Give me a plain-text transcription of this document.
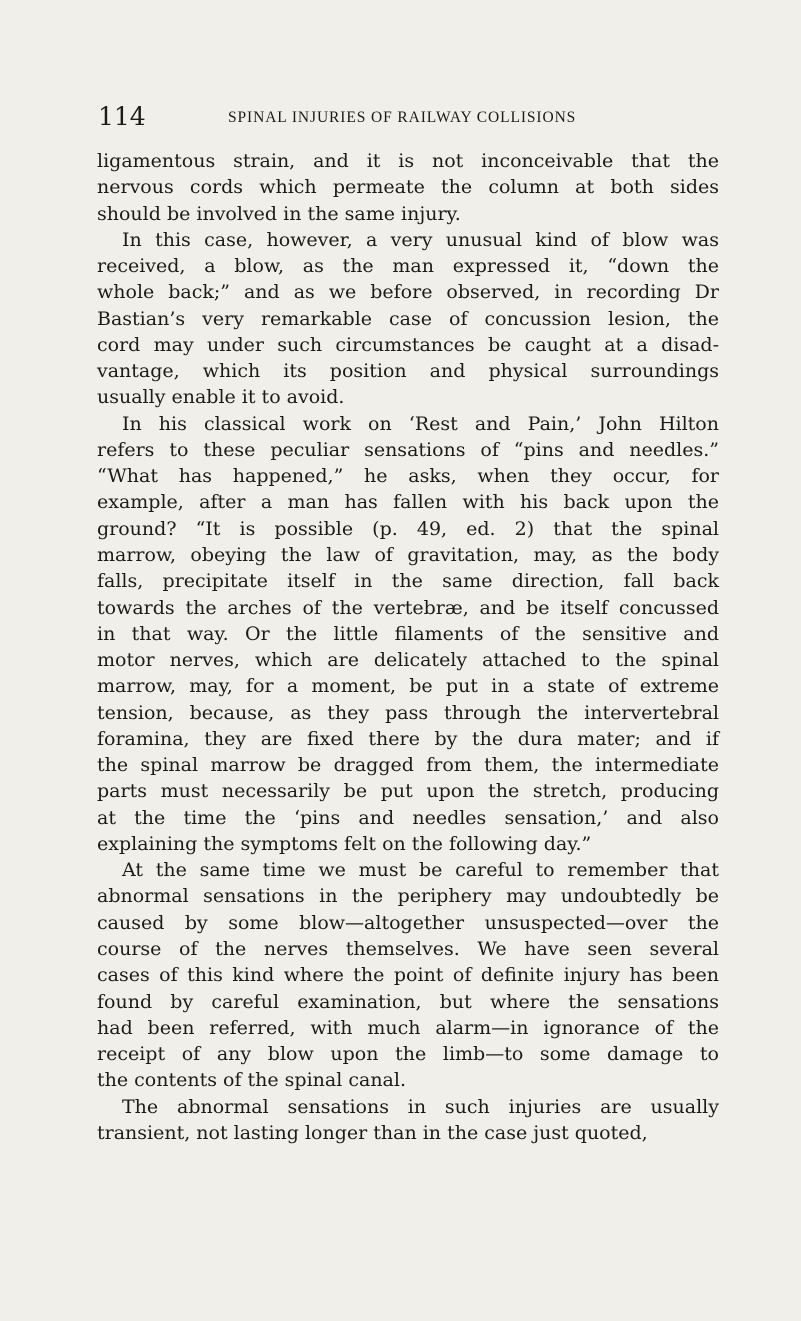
114	SPINAL INJURIES OF RAILWAY COLLISIONS
ligamentous strain, and it is not inconceivable that the
nervous cords which permeate the column at both sides
should be involved in the same injury.
In this case, however, a very unusual kind of blow was
received, a blow, as the man expressed it, “down the
whole back;” and as we before observed, in recording Dr
Bastian’s very remarkable case of concussion lesion, the
cord may under such circumstances be caught at a disad-
vantage, which its position and physical surroundings
usually enable it to avoid.
In his classical work on ‘Rest and Pain,’ John Hilton
refers to these peculiar sensations of “pins and needles.”
“What has happened,” he asks, when they occur, for
example, after a man has fallen with his back upon the
ground? “It is possible (p. 49, ed. 2) that the spinal
marrow, obeying the law of gravitation, may, as the body
falls, precipitate itself in the same direction, fall back
towards the arches of the vertebræ, and be itself concussed
in that way. Or the little filaments of the sensitive and
motor nerves, which are delicately attached to the spinal
marrow, may, for a moment, be put in a state of extreme
tension, because, as they pass through the intervertebral
foramina, they are fixed there by the dura mater; and if
the spinal marrow be dragged from them, the intermediate
parts must necessarily be put upon the stretch, producing
at the time the ‘pins and needles sensation,’ and also
explaining the symptoms felt on the following day.”
At the same time we must be careful to remember that
abnormal sensations in the periphery may undoubtedly be
caused by some blow—altogether unsuspected—over the
course of the nerves themselves. We have seen several
cases of this kind where the point of definite injury has been
found by careful examination, but where the sensations
had been referred, with much alarm—in ignorance of the
receipt of any blow upon the limb—to some damage to
the contents of the spinal canal.
The abnormal sensations in such injuries are usually
transient, not lasting longer than in the case just quoted,
